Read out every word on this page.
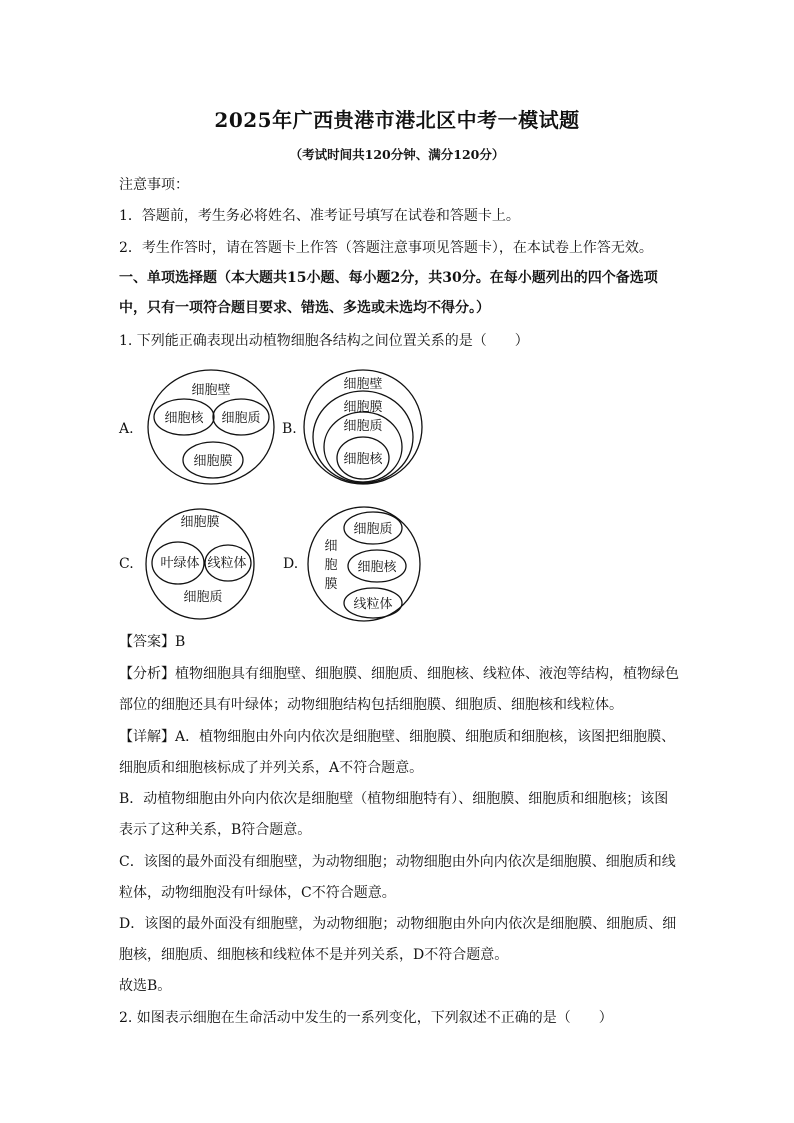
2025年广西贵港市港北区中考一模试题
（考试时间共120分钟、满分120分）
注意事项：
1．答题前，考生务必将姓名、准考证号填写在试卷和答题卡上。
2．考生作答时，请在答题卡上作答（答题注意事项见答题卡），在本试卷上作答无效。
一、单项选择题（本大题共15小题、每小题2分，共30分。在每小题列出的四个备选项
中，只有一项符合题目要求、错选、多选或未选均不得分。）
1. 下列能正确表现出动植物细胞各结构之间位置关系的是（　　）
A.
细胞壁
细胞核 细胞质
细胞膜
B.
细胞壁
细胞膜
细胞质
细胞核
C.
细胞膜
叶绿体 线粒体
细胞质
D.
细
胞
膜
细胞质
细胞核
线粒体
【答案】B
【分析】植物细胞具有细胞壁、细胞膜、细胞质、细胞核、线粒体、液泡等结构，植物绿色
部位的细胞还具有叶绿体；动物细胞结构包括细胞膜、细胞质、细胞核和线粒体。
【详解】A．植物细胞由外向内依次是细胞壁、细胞膜、细胞质和细胞核，该图把细胞膜、
细胞质和细胞核标成了并列关系，A不符合题意。
B．动植物细胞由外向内依次是细胞壁（植物细胞特有）、细胞膜、细胞质和细胞核；该图
表示了这种关系，B符合题意。
C．该图的最外面没有细胞壁，为动物细胞；动物细胞由外向内依次是细胞膜、细胞质和线
粒体，动物细胞没有叶绿体，C不符合题意。
D．该图的最外面没有细胞壁，为动物细胞；动物细胞由外向内依次是细胞膜、细胞质、细
胞核，细胞质、细胞核和线粒体不是并列关系，D不符合题意。
故选B。
2. 如图表示细胞在生命活动中发生的一系列变化，下列叙述不正确的是（　　）
